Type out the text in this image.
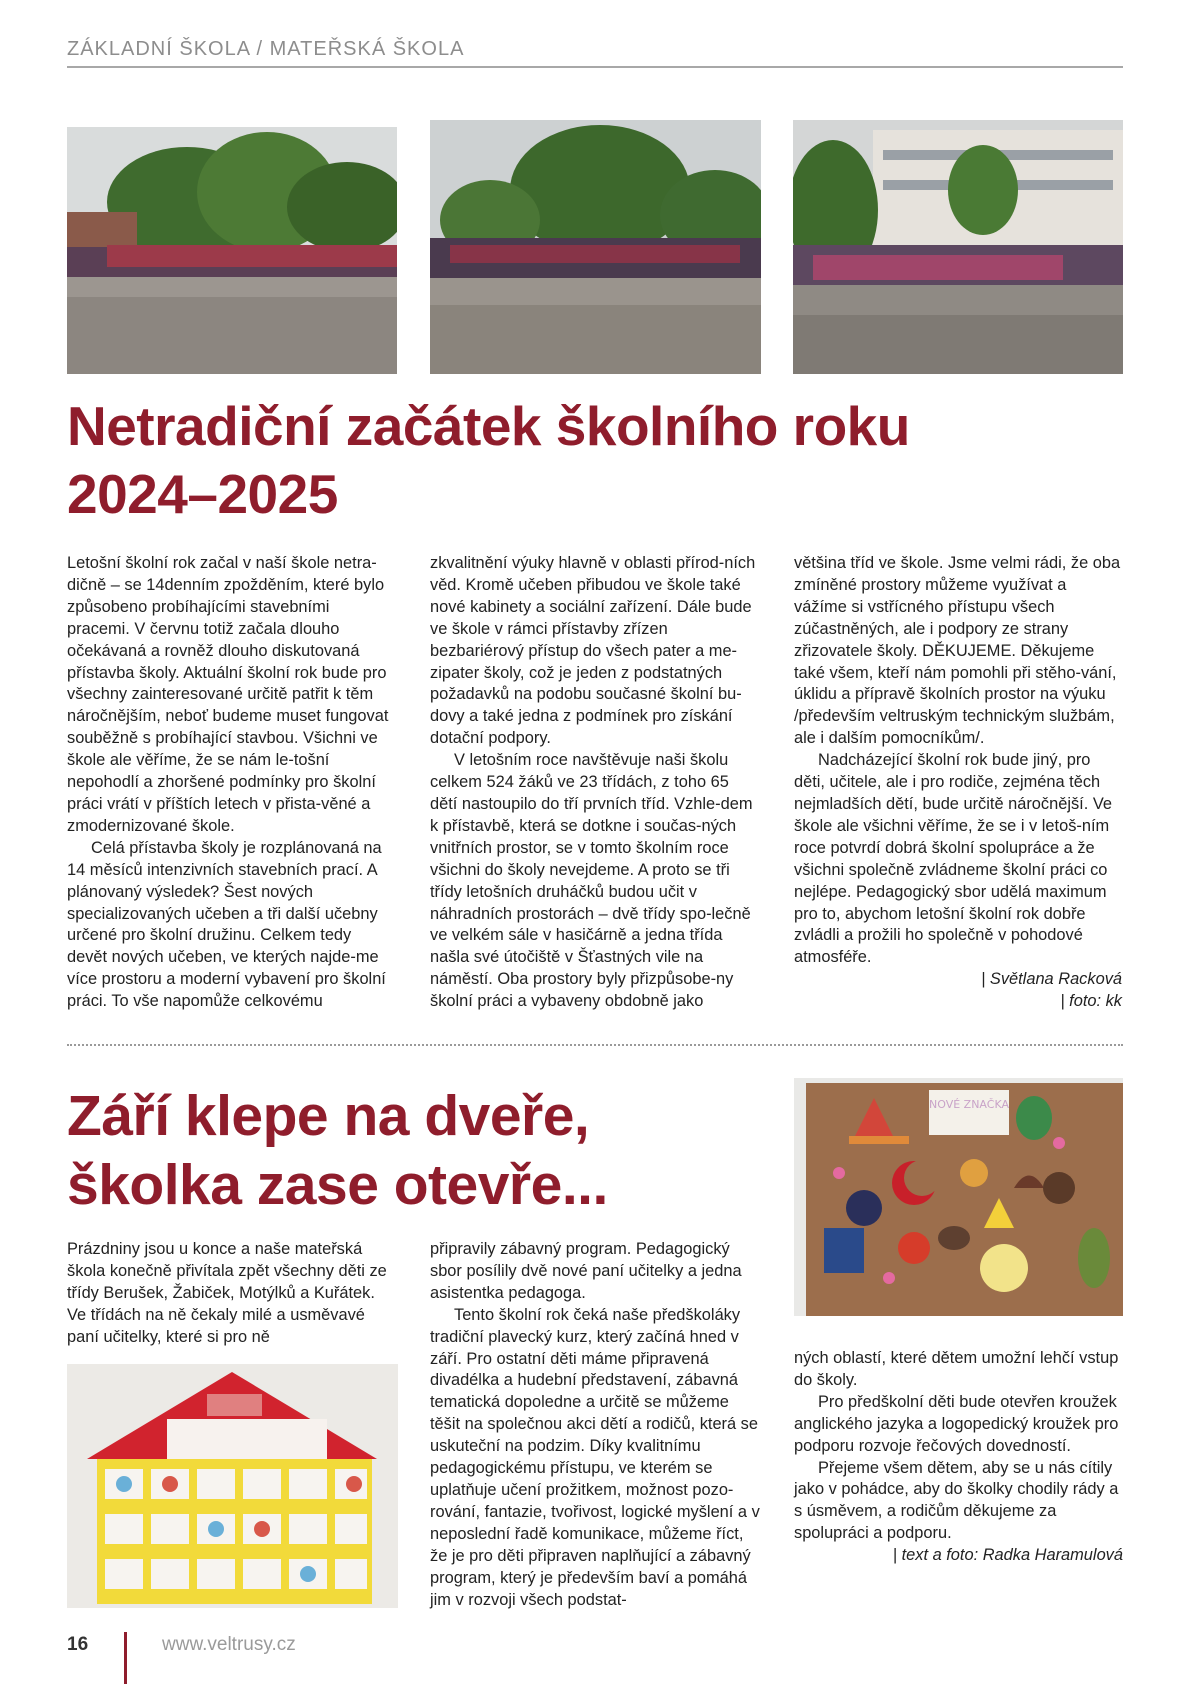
ZÁKLADNÍ ŠKOLA / MATEŘSKÁ ŠKOLA
Netradiční začátek školního roku
2024–2025

Letošní školní rok začal v naší škole netra-dičně – se 14denním zpožděním, které bylo způsobeno probíhajícími stavebními pracemi. V červnu totiž začala dlouho očekávaná a rovněž dlouho diskutovaná přístavba školy. Aktuální školní rok bude pro všechny zainteresované určitě patřit k těm náročnějším, neboť budeme muset fungovat souběžně s probíhající stavbou. Všichni ve škole ale věříme, že se nám le-tošní nepohodlí a zhoršené podmínky pro školní práci vrátí v příštích letech v přista-věné a zmodernizované škole.

Celá přístavba školy je rozplánovaná na 14 měsíců intenzivních stavebních prací. A plánovaný výsledek? Šest nových specializovaných učeben a tři další učebny určené pro školní družinu. Celkem tedy devět nových učeben, ve kterých najde-me více prostoru a moderní vybavení pro školní práci. To vše napomůže celkovému

zkvalitnění výuky hlavně v oblasti přírod-ních věd. Kromě učeben přibudou ve škole také nové kabinety a sociální zařízení. Dále bude ve škole v rámci přístavby zřízen bezbariérový přístup do všech pater a me-zipater školy, což je jeden z podstatných požadavků na podobu současné školní bu-dovy a také jedna z podmínek pro získání dotační podpory.

V letošním roce navštěvuje naši školu celkem 524 žáků ve 23 třídách, z toho 65 dětí nastoupilo do tří prvních tříd. Vzhle-dem k přístavbě, která se dotkne i součas-ných vnitřních prostor, se v tomto školním roce všichni do školy nevejdeme. A proto se tři třídy letošních druháčků budou učit v náhradních prostorách – dvě třídy spo-lečně ve velkém sále v hasičárně a jedna třída našla své útočiště v Šťastných vile na náměstí. Oba prostory byly přizpůsobe-ny školní práci a vybaveny obdobně jako

většina tříd ve škole. Jsme velmi rádi, že oba zmíněné prostory můžeme využívat a vážíme si vstřícného přístupu všech zúčastněných, ale i podpory ze strany zřizovatele školy. DĚKUJEME. Děkujeme také všem, kteří nám pomohli při stěho-vání, úklidu a přípravě školních prostor na výuku /především veltruským technickým službám, ale i dalším pomocníkům/.

Nadcházející školní rok bude jiný, pro děti, učitele, ale i pro rodiče, zejména těch nejmladších dětí, bude určitě náročnější. Ve škole ale všichni věříme, že se i v letoš-ním roce potvrdí dobrá školní spolupráce a že všichni společně zvládneme školní práci co nejlépe. Pedagogický sbor udělá maximum pro to, abychom letošní školní rok dobře zvládli a prožili ho společně v pohodové atmosféře.

| Světlana Racková

| foto: kk

Září klepe na dveře,
školka zase otevře...
NOVÉ ZNAČKA

Prázdniny jsou u konce a naše mateřská škola konečně přivítala zpět všechny děti ze třídy Berušek, Žabiček, Motýlků a Kuřátek. Ve třídách na ně čekaly milé a usměvavé paní učitelky, které si pro ně

připravily zábavný program. Pedagogický sbor posílily dvě nové paní učitelky a jedna asistentka pedagoga.

Tento školní rok čeká naše předškoláky tradiční plavecký kurz, který začíná hned v září. Pro ostatní děti máme připravená divadélka a hudební představení, zábavná tematická dopoledne a určitě se můžeme těšit na společnou akci dětí a rodičů, která se uskuteční na podzim. Díky kvalitnímu pedagogickému přístupu, ve kterém se uplatňuje učení prožitkem, možnost pozo-rování, fantazie, tvořivost, logické myšlení a v neposlední řadě komunikace, můžeme říct, že je pro děti připraven naplňující a zábavný program, který je především baví a pomáhá jim v rozvoji všech podstat-

ných oblastí, které dětem umožní lehčí vstup do školy.

Pro předškolní děti bude otevřen kroužek anglického jazyka a logopedický kroužek pro podporu rozvoje řečových dovedností.

Přejeme všem dětem, aby se u nás cítily jako v pohádce, aby do školky chodily rády a s úsměvem, a rodičům děkujeme za spolupráci a podporu.

| text a foto: Radka Haramulová

16	www.veltrusy.cz
